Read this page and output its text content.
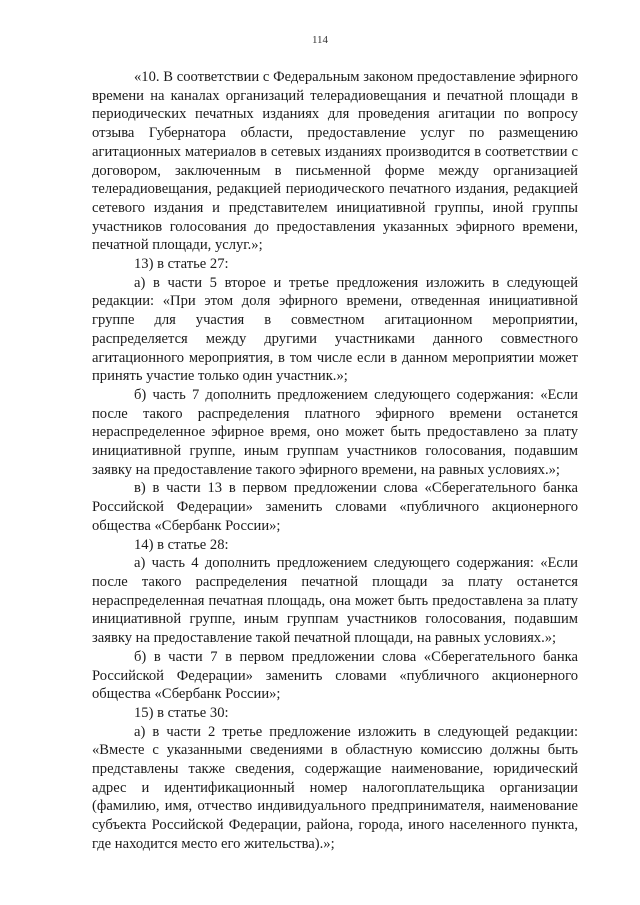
114

«10. В соответствии с Федеральным законом предоставление эфирного времени на каналах организаций телерадиовещания и печатной площади в периодических печатных изданиях для проведения агитации по вопросу отзыва Губернатора области, предоставление услуг по размещению агитационных материалов в сетевых изданиях производится в соответствии с договором, заключенным в письменной форме между организацией телерадиовещания, редакцией периодического печатного издания, редакцией сетевого издания и представителем инициативной группы, иной группы участников голосования до предоставления указанных эфирного времени, печатной площади, услуг.»;

13) в статье 27:

а) в части 5 второе и третье предложения изложить в следующей редакции: «При этом доля эфирного времени, отведенная инициативной группе для участия в совместном агитационном мероприятии, распределяется между другими участниками данного совместного агитационного мероприятия, в том числе если в данном мероприятии может принять участие только один участник.»;

б) часть 7 дополнить предложением следующего содержания: «Если после такого распределения платного эфирного времени останется нераспределенное эфирное время, оно может быть предоставлено за плату инициативной группе, иным группам участников голосования, подавшим заявку на предоставление такого эфирного времени, на равных условиях.»;

в) в части 13 в первом предложении слова «Сберегательного банка Российской Федерации» заменить словами «публичного акционерного общества «Сбербанк России»;

14) в статье 28:

а) часть 4 дополнить предложением следующего содержания: «Если после такого распределения печатной площади за плату останется нераспределенная печатная площадь, она может быть предоставлена за плату инициативной группе, иным группам участников голосования, подавшим заявку на предоставление такой печатной площади, на равных условиях.»;

б) в части 7 в первом предложении слова «Сберегательного банка Российской Федерации» заменить словами «публичного акционерного общества «Сбербанк России»;

15) в статье 30:

а) в части 2 третье предложение изложить в следующей редакции: «Вместе с указанными сведениями в областную комиссию должны быть представлены также сведения, содержащие наименование, юридический адрес и идентификационный номер налогоплательщика организации (фамилию, имя, отчество индивидуального предпринимателя, наименование субъекта Российской Федерации, района, города, иного населенного пункта, где находится место его жительства).»;
